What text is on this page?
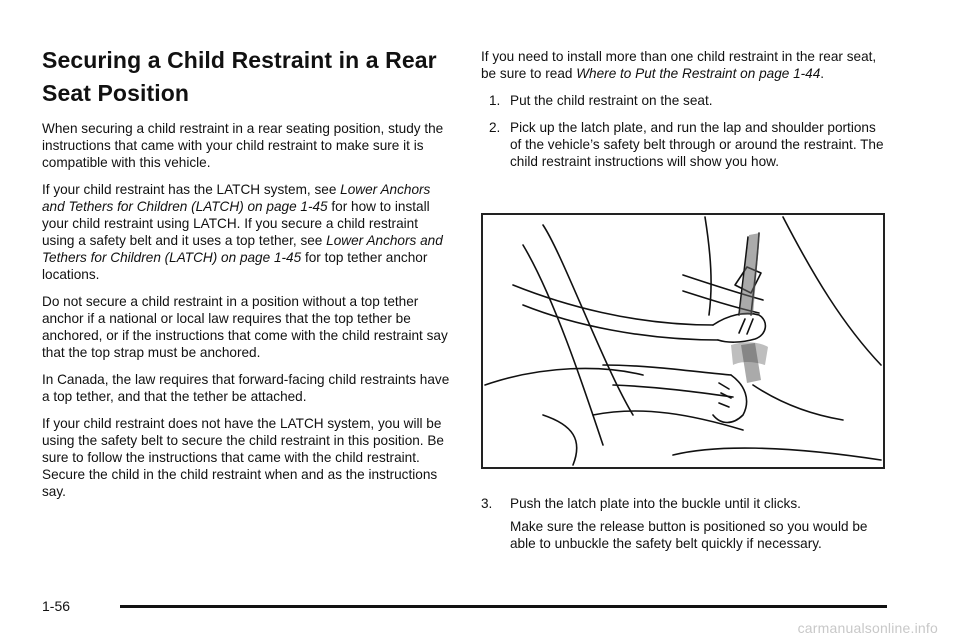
Securing a Child Restraint in a Rear Seat Position

When securing a child restraint in a rear seating position, study the instructions that came with your child restraint to make sure it is compatible with this vehicle.

If your child restraint has the LATCH system, see Lower Anchors and Tethers for Children (LATCH) on page 1-45 for how to install your child restraint using LATCH. If you secure a child restraint using a safety belt and it uses a top tether, see Lower Anchors and Tethers for Children (LATCH) on page 1-45 for top tether anchor locations.

Do not secure a child restraint in a position without a top tether anchor if a national or local law requires that the top tether be anchored, or if the instructions that come with the child restraint say that the top strap must be anchored.

In Canada, the law requires that forward-facing child restraints have a top tether, and that the tether be attached.

If your child restraint does not have the LATCH system, you will be using the safety belt to secure the child restraint in this position. Be sure to follow the instructions that came with the child restraint. Secure the child in the child restraint when and as the instructions say.

If you need to install more than one child restraint in the rear seat, be sure to read Where to Put the Restraint on page 1-44.

1. Put the child restraint on the seat.
2. Pick up the latch plate, and run the lap and shoulder portions of the vehicle’s safety belt through or around the restraint. The child restraint instructions will show you how.

3. Push the latch plate into the buckle until it clicks.

Make sure the release button is positioned so you would be able to unbuckle the safety belt quickly if necessary.

1-56
carmanualsonline.info
